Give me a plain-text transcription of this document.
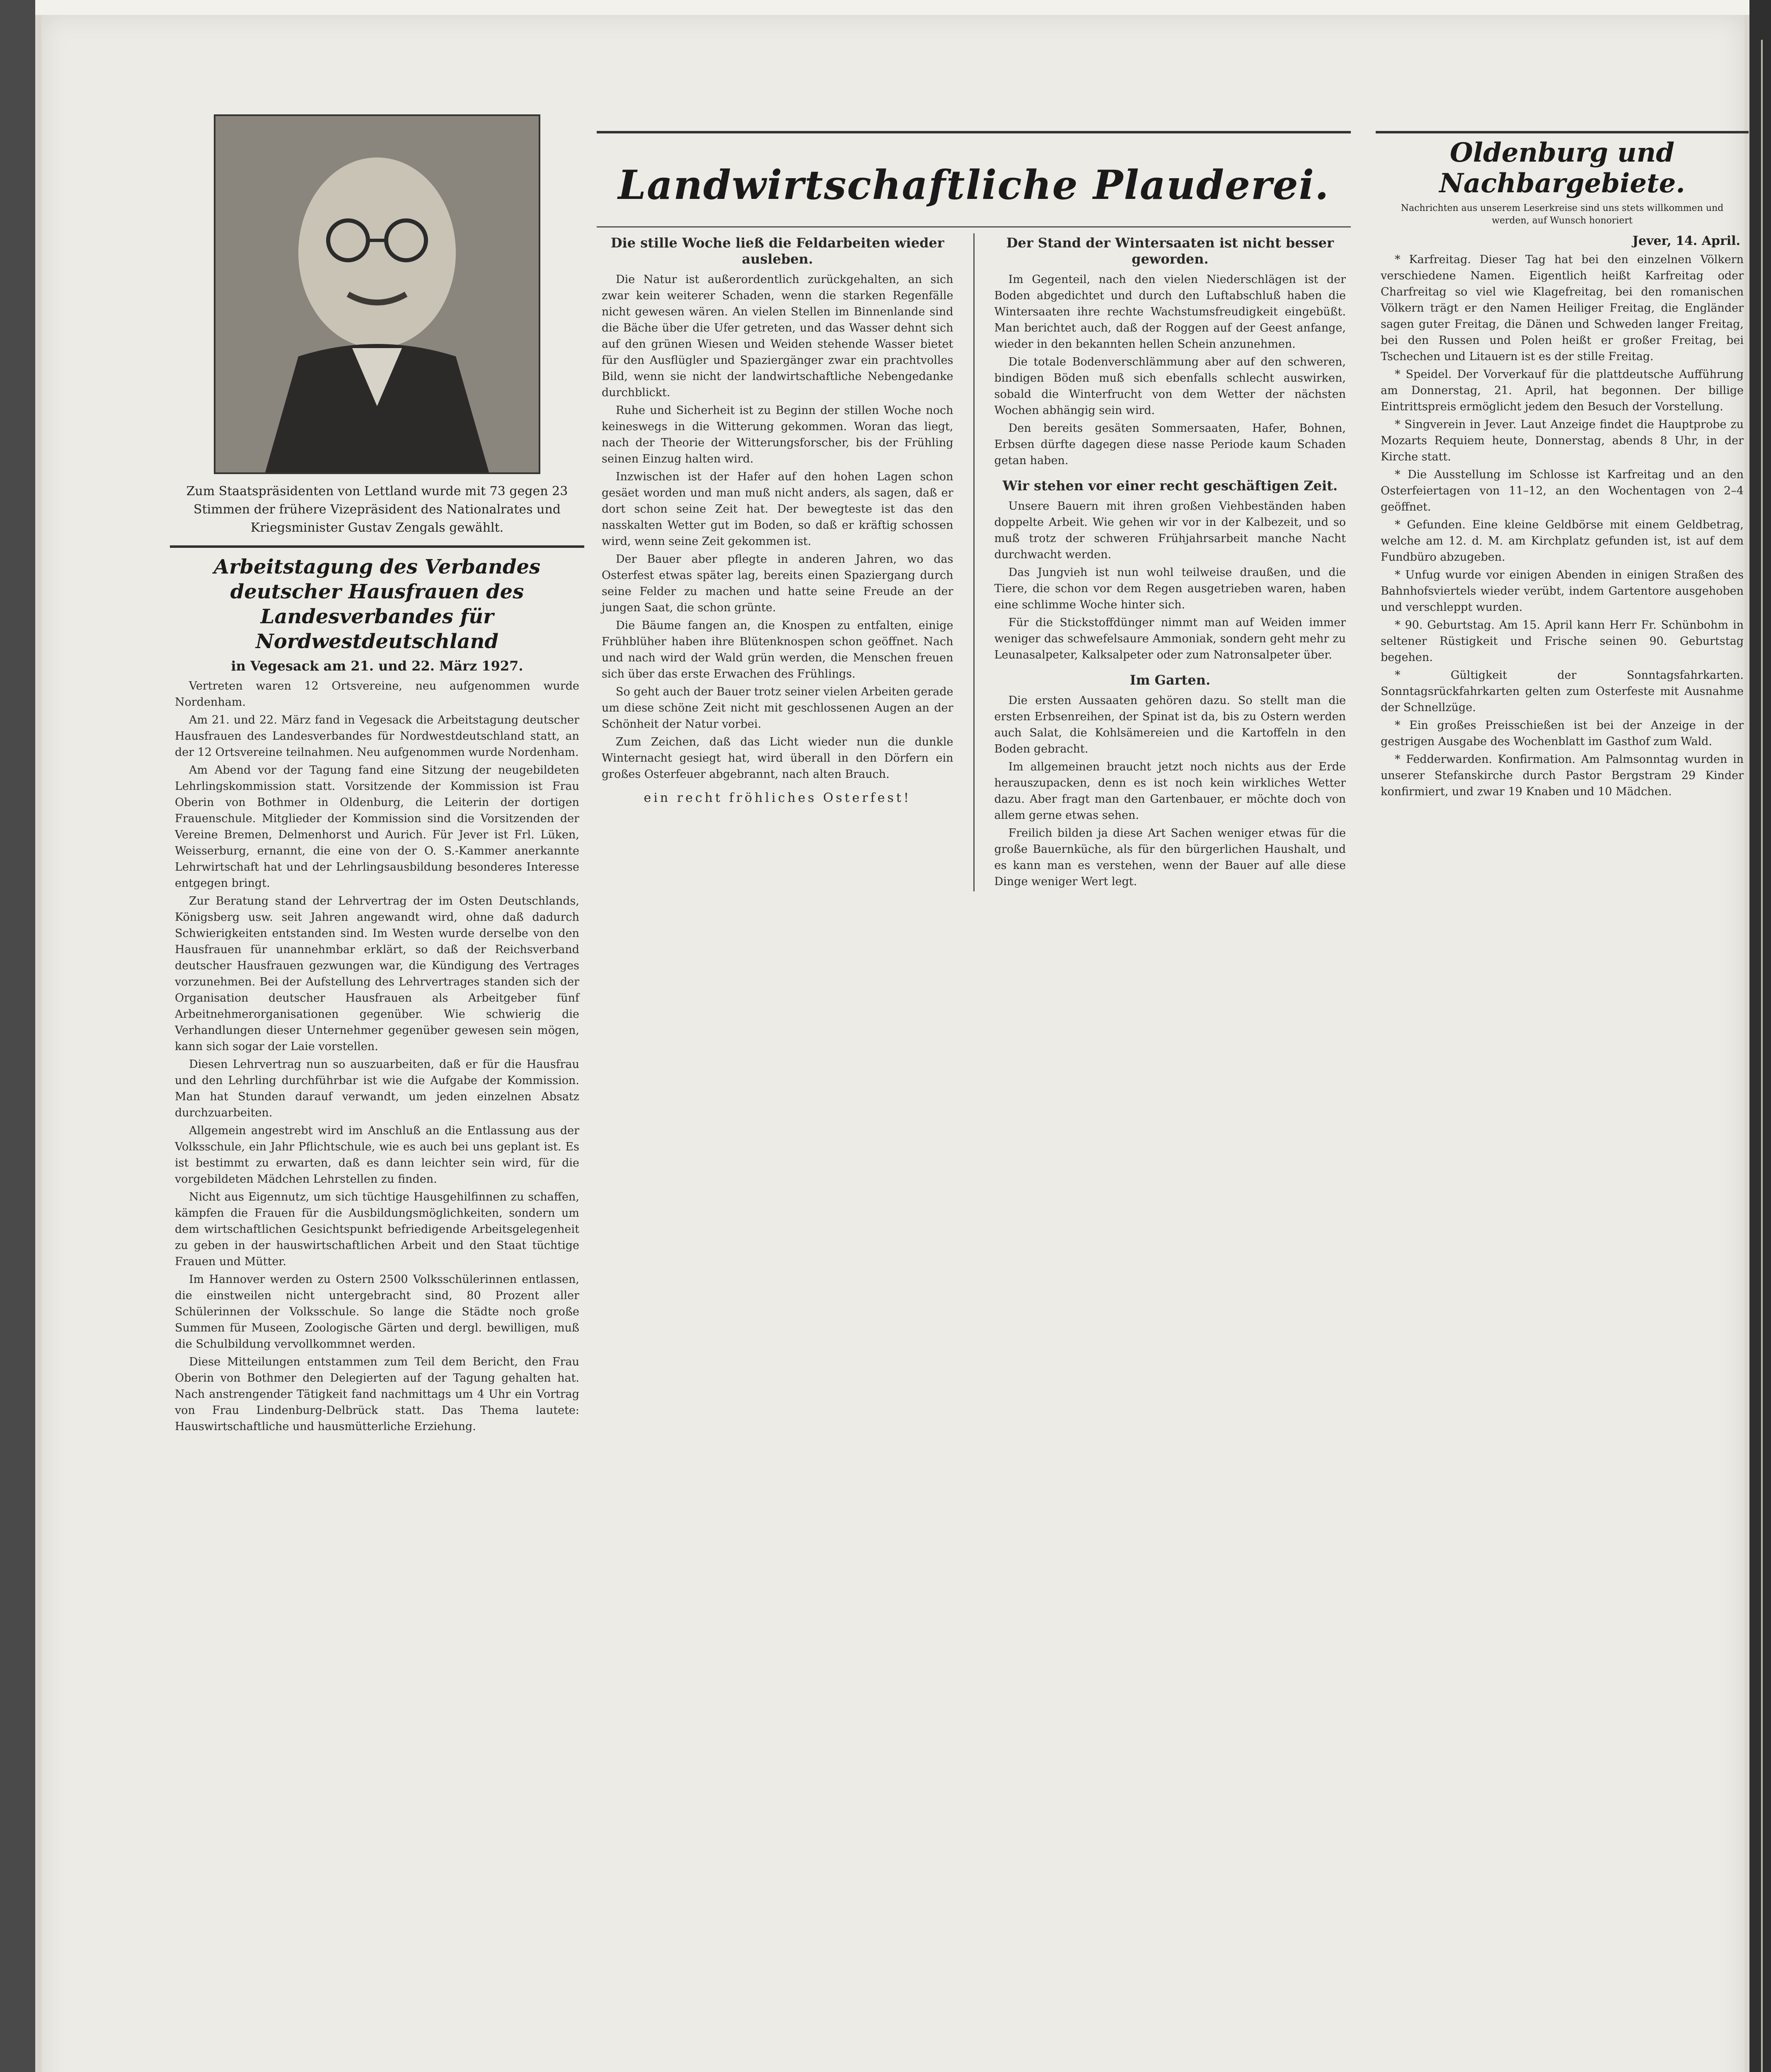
Zum Staatspräsidenten von Lettland wurde mit 73 gegen 23 Stimmen der frühere Vizepräsident des Nationalrates und Kriegsminister Gustav Zengals gewählt.
Arbeitstagung des Verbandes deutscher Hausfrauen des Landesverbandes für Nordwestdeutschland
in Vegesack am 21. und 22. März 1927.

Vertreten waren 12 Ortsvereine, neu aufgenommen wurde Nordenham.

Am 21. und 22. März fand in Vegesack die Arbeitstagung deutscher Hausfrauen des Landesverbandes für Nordwestdeutschland statt, an der 12 Ortsvereine teilnahmen. Neu aufgenommen wurde Nordenham.

Am Abend vor der Tagung fand eine Sitzung der neugebildeten Lehrlingskommission statt. Vorsitzende der Kommission ist Frau Oberin von Bothmer in Oldenburg, die Leiterin der dortigen Frauenschule. Mitglieder der Kommission sind die Vorsitzenden der Vereine Bremen, Delmenhorst und Aurich. Für Jever ist Frl. Lüken, Weisserburg, ernannt, die eine von der O. S.-Kammer anerkannte Lehrwirtschaft hat und der Lehrlingsausbildung besonderes Interesse entgegen bringt.

Zur Beratung stand der Lehrvertrag der im Osten Deutschlands, Königsberg usw. seit Jahren angewandt wird, ohne daß dadurch Schwierigkeiten entstanden sind. Im Westen wurde derselbe von den Hausfrauen für unannehmbar erklärt, so daß der Reichsverband deutscher Hausfrauen gezwungen war, die Kündigung des Vertrages vorzunehmen. Bei der Aufstellung des Lehrvertrages standen sich der Organisation deutscher Hausfrauen als Arbeitgeber fünf Arbeitnehmerorganisationen gegenüber. Wie schwierig die Verhandlungen dieser Unternehmer gegenüber gewesen sein mögen, kann sich sogar der Laie vorstellen.

Diesen Lehrvertrag nun so auszuarbeiten, daß er für die Hausfrau und den Lehrling durchführbar ist wie die Aufgabe der Kommission. Man hat Stunden darauf verwandt, um jeden einzelnen Absatz durchzuarbeiten.

Allgemein angestrebt wird im Anschluß an die Entlassung aus der Volksschule, ein Jahr Pflichtschule, wie es auch bei uns geplant ist. Es ist bestimmt zu erwarten, daß es dann leichter sein wird, für die vorgebildeten Mädchen Lehrstellen zu finden.

Nicht aus Eigennutz, um sich tüchtige Hausgehilfinnen zu schaffen, kämpfen die Frauen für die Ausbildungsmöglichkeiten, sondern um dem wirtschaftlichen Gesichtspunkt befriedigende Arbeitsgelegenheit zu geben in der hauswirtschaftlichen Arbeit und den Staat tüchtige Frauen und Mütter.

Im Hannover werden zu Ostern 2500 Volksschülerinnen entlassen, die einstweilen nicht untergebracht sind, 80 Prozent aller Schülerinnen der Volksschule. So lange die Städte noch große Summen für Museen, Zoologische Gärten und dergl. bewilligen, muß die Schulbildung vervollkommnet werden.

Diese Mitteilungen entstammen zum Teil dem Bericht, den Frau Oberin von Bothmer den Delegierten auf der Tagung gehalten hat. Nach anstrengender Tätigkeit fand nachmittags um 4 Uhr ein Vortrag von Frau Lindenburg-Delbrück statt. Das Thema lautete: Hauswirtschaftliche und hausmütterliche Erziehung.

Landwirtschaftliche Plauderei.
Die stille Woche ließ die Feldarbeiten wieder ausleben.

Die Natur ist außerordentlich zurückgehalten, an sich zwar kein weiterer Schaden, wenn die starken Regenfälle nicht gewesen wären. An vielen Stellen im Binnenlande sind die Bäche über die Ufer getreten, und das Wasser dehnt sich auf den grünen Wiesen und Weiden stehende Wasser bietet für den Ausflügler und Spaziergänger zwar ein prachtvolles Bild, wenn sie nicht der landwirtschaftliche Nebengedanke durchblickt.

Ruhe und Sicherheit ist zu Beginn der stillen Woche noch keineswegs in die Witterung gekommen. Woran das liegt, nach der Theorie der Witterungsforscher, bis der Frühling seinen Einzug halten wird.

Inzwischen ist der Hafer auf den hohen Lagen schon gesäet worden und man muß nicht anders, als sagen, daß er dort schon seine Zeit hat. Der bewegteste ist das den nasskalten Wetter gut im Boden, so daß er kräftig schossen wird, wenn seine Zeit gekommen ist.

Der Bauer aber pflegte in anderen Jahren, wo das Osterfest etwas später lag, bereits einen Spaziergang durch seine Felder zu machen und hatte seine Freude an der jungen Saat, die schon grünte.

Die Bäume fangen an, die Knospen zu entfalten, einige Frühblüher haben ihre Blütenknospen schon geöffnet. Nach und nach wird der Wald grün werden, die Menschen freuen sich über das erste Erwachen des Frühlings.

So geht auch der Bauer trotz seiner vielen Arbeiten gerade um diese schöne Zeit nicht mit geschlossenen Augen an der Schönheit der Natur vorbei.

Zum Zeichen, daß das Licht wieder nun die dunkle Winternacht gesiegt hat, wird überall in den Dörfern ein großes Osterfeuer abgebrannt, nach alten Brauch.

ein recht fröhliches Osterfest!
Der Stand der Wintersaaten ist nicht besser geworden.

Im Gegenteil, nach den vielen Niederschlägen ist der Boden abgedichtet und durch den Luftabschluß haben die Wintersaaten ihre rechte Wachstumsfreudigkeit eingebüßt. Man berichtet auch, daß der Roggen auf der Geest anfange, wieder in den bekannten hellen Schein anzunehmen.

Die totale Bodenverschlämmung aber auf den schweren, bindigen Böden muß sich ebenfalls schlecht auswirken, sobald die Winterfrucht von dem Wetter der nächsten Wochen abhängig sein wird.

Den bereits gesäten Sommersaaten, Hafer, Bohnen, Erbsen dürfte dagegen diese nasse Periode kaum Schaden getan haben.

Wir stehen vor einer recht geschäftigen Zeit.

Unsere Bauern mit ihren großen Viehbeständen haben doppelte Arbeit. Wie gehen wir vor in der Kalbezeit, und so muß trotz der schweren Frühjahrsarbeit manche Nacht durchwacht werden.

Das Jungvieh ist nun wohl teilweise draußen, und die Tiere, die schon vor dem Regen ausgetrieben waren, haben eine schlimme Woche hinter sich.

Für die Stickstoffdünger nimmt man auf Weiden immer weniger das schwefelsaure Ammoniak, sondern geht mehr zu Leunasalpeter, Kalksalpeter oder zum Natronsalpeter über.

Im Garten.

Die ersten Aussaaten gehören dazu. So stellt man die ersten Erbsenreihen, der Spinat ist da, bis zu Ostern werden auch Salat, die Kohlsämereien und die Kartoffeln in den Boden gebracht.

Im allgemeinen braucht jetzt noch nichts aus der Erde herauszupacken, denn es ist noch kein wirkliches Wetter dazu. Aber fragt man den Gartenbauer, er möchte doch von allem gerne etwas sehen.

Freilich bilden ja diese Art Sachen weniger etwas für die große Bauernküche, als für den bürgerlichen Haushalt, und es kann man es verstehen, wenn der Bauer auf alle diese Dinge weniger Wert legt.

Oldenburg und Nachbargebiete.
Nachrichten aus unserem Leserkreise sind uns stets willkommen und werden, auf Wunsch honoriert
Jever, 14. April.

* Karfreitag. Dieser Tag hat bei den einzelnen Völkern verschiedene Namen. Eigentlich heißt Karfreitag oder Charfreitag so viel wie Klagefreitag, bei den romanischen Völkern trägt er den Namen Heiliger Freitag, die Engländer sagen guter Freitag, die Dänen und Schweden langer Freitag, bei den Russen und Polen heißt er großer Freitag, bei Tschechen und Litauern ist es der stille Freitag.

* Speidel. Der Vorverkauf für die plattdeutsche Aufführung am Donnerstag, 21. April, hat begonnen. Der billige Eintrittspreis ermöglicht jedem den Besuch der Vorstellung.

* Singverein in Jever. Laut Anzeige findet die Hauptprobe zu Mozarts Requiem heute, Donnerstag, abends 8 Uhr, in der Kirche statt.

* Die Ausstellung im Schlosse ist Karfreitag und an den Osterfeiertagen von 11–12, an den Wochentagen von 2–4 geöffnet.

* Gefunden. Eine kleine Geldbörse mit einem Geldbetrag, welche am 12. d. M. am Kirchplatz gefunden ist, ist auf dem Fundbüro abzugeben.

* Unfug wurde vor einigen Abenden in einigen Straßen des Bahnhofsviertels wieder verübt, indem Gartentore ausgehoben und verschleppt wurden.

* 90. Geburtstag. Am 15. April kann Herr Fr. Schünbohm in seltener Rüstigkeit und Frische seinen 90. Geburtstag begehen.

* Gültigkeit der Sonntagsfahrkarten. Sonntagsrückfahrkarten gelten zum Osterfeste mit Ausnahme der Schnellzüge.

* Ein großes Preisschießen ist bei der Anzeige in der gestrigen Ausgabe des Wochenblatt im Gasthof zum Wald.

* Fedderwarden. Konfirmation. Am Palmsonntag wurden in unserer Stefanskirche durch Pastor Bergstram 29 Kinder konfirmiert, und zwar 19 Knaben und 10 Mädchen.
